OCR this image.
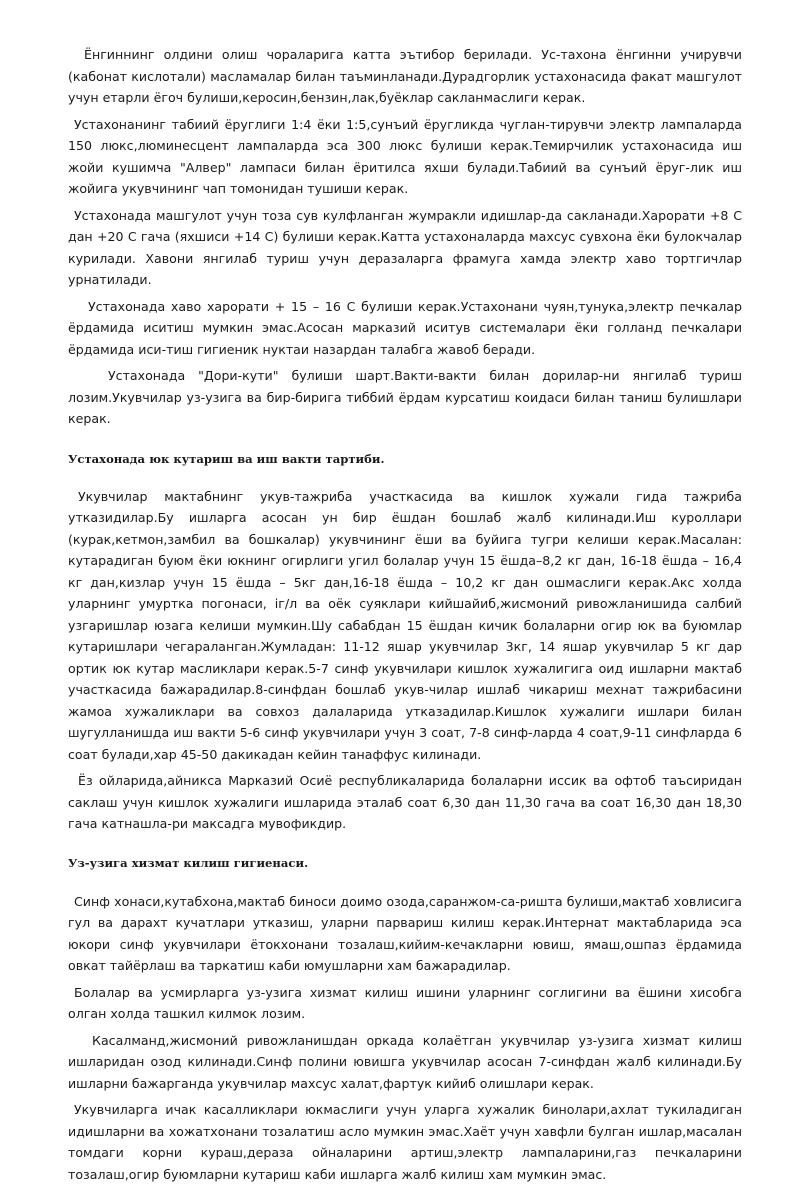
Ёнгиннинг олдини олиш чораларига катта эътибор берилади. Ус-тахона ёнгинни учирувчи (кабонат кислотали) масламалар билан таъминланади.Дурадгорлик устахонасида факат машгулот учун етарли ёгоч булиши,керосин,бензин,лак,буёклар сакланмаслиги керак.

Устахонанинг табиий ёруглиги 1:4 ёки 1:5,сунъий ёругликда чуглан-тирувчи электр лампаларда 150 люкс,люминесцент лампаларда эса 300 люкс булиши керак.Темирчилик устахонасида иш жойи кушимча "Алвер" лампаси билан ёритилса яхши булади.Табиий ва сунъий ёруг-лик иш жойига укувчининг чап томонидан тушиши керак.

Устахонада машгулот учун тоза сув кулфланган жумракли идишлар-да сакланади.Харорати +8 С дан +20 С гача (яхшиси +14 С) булиши керак.Катта устахоналарда махсус сувхона ёки булокчалар курилади. Хавони янгилаб туриш учун деразаларга фрамуга хамда электр хаво тортгичлар урнатилади.

Устахонада хаво харорати + 15 – 16 С булиши керак.Устахонани чуян,тунука,электр печкалар ёрдамида иситиш мумкин эмас.Асосан марказий иситув системалари ёки голланд печкалари ёрдамида иси-тиш гигиеник нуктаи назардан талабга жавоб беради.

Устахонада "Дори-кути" булиши шарт.Вакти-вакти билан дорилар-ни янгилаб туриш лозим.Укувчилар уз-узига ва бир-бирига тиббий ёрдам курсатиш коидаси билан таниш булишлари керак.

Устахонада юк кутариш ва иш вакти тартиби.

Укувчилар мактабнинг укув-тажриба участкасида ва кишлок хужали гида тажриба утказидилар.Бу ишларга асосан ун бир ёшдан бошлаб жалб килинади.Иш куроллари (курак,кетмон,замбил ва бошкалар) укувчининг ёши ва буйига тугри келиши керак.Масалан: кутарадиган буюм ёки юкнинг огирлиги угил болалар учун 15 ёшда–8,2 кг дан, 16-18 ёшда – 16,4 кг дан,кизлар учун 15 ёшда – 5кг дан,16-18 ёшда – 10,2 кг дан ошмаслиги керак.Акс холда уларнинг умуртка погонаси, іг/л ва оёк суяклари кийшайиб,жисмоний ривожланишида салбий узгаришлар юзага келиши мумкин.Шу сабабдан 15 ёшдан кичик болаларни огир юк ва буюмлар кутаришлари чегараланган.Жумладан: 11-12 яшар укувчилар 3кг, 14 яшар укувчилар 5 кг дар ортик юк кутар масликлари керак.5-7 синф укувчилари кишлок хужалигига оид ишларни мактаб участкасида бажарадилар.8-синфдан бошлаб укув-чилар ишлаб чикариш мехнат тажрибасини жамоа хужаликлари ва совхоз далаларида утказадилар.Кишлок хужалиги ишлари билан шугулланишда иш вакти 5-6 синф укувчилари учун 3 соат, 7-8 синф-ларда 4 соат,9-11 синфларда 6 соат булади,хар 45-50 дакикадан кейин танаффус килинади.

Ёз ойларида,айникса Марказий Осиё республикаларида болаларни иссик ва офтоб таъсиридан саклаш учун кишлок хужалиги ишларида эталаб соат 6,30 дан 11,30 гача ва соат 16,30 дан 18,30 гача катнашла-ри максадга мувофикдир.

Уз-узига хизмат килиш гигиенаси.

Синф хонаси,кутабхона,мактаб биноси доимо озода,саранжом-са-ришта булиши,мактаб ховлисига гул ва дарахт кучатлари утказиш, уларни парвариш килиш керак.Интернат мактабларида эса юкори синф укувчилари ётокхонани тозалаш,кийим-кечакларни ювиш, ямаш,ошпаз ёрдамида овкат тайёрлаш ва таркатиш каби юмушларни хам бажарадилар.

Болалар ва усмирларга уз-узига хизмат килиш ишини уларнинг соглигини ва ёшини хисобга олган холда ташкил килмок лозим.

Касалманд,жисмоний ривожланишдан оркада колаётган укувчилар уз-узига хизмат килиш ишларидан озод килинади.Синф полини ювишга укувчилар асосан 7-синфдан жалб килинади.Бу ишларни бажарганда укувчилар махсус халат,фартук кийиб олишлари керак.

Укувчиларга ичак касалликлари юкмаслиги учун уларга хужалик бинолари,ахлат тукиладиган идишларни ва хожатхонани тозалатиш асло мумкин эмас.Хаёт учун хавфли булган ишлар,масалан томдаги корни кураш,деразa ойналарини артиш,электр лампаларини,газ печкаларини тозалаш,огир буюмларни кутариш каби ишларга жалб килиш хам мумкин эмас.
